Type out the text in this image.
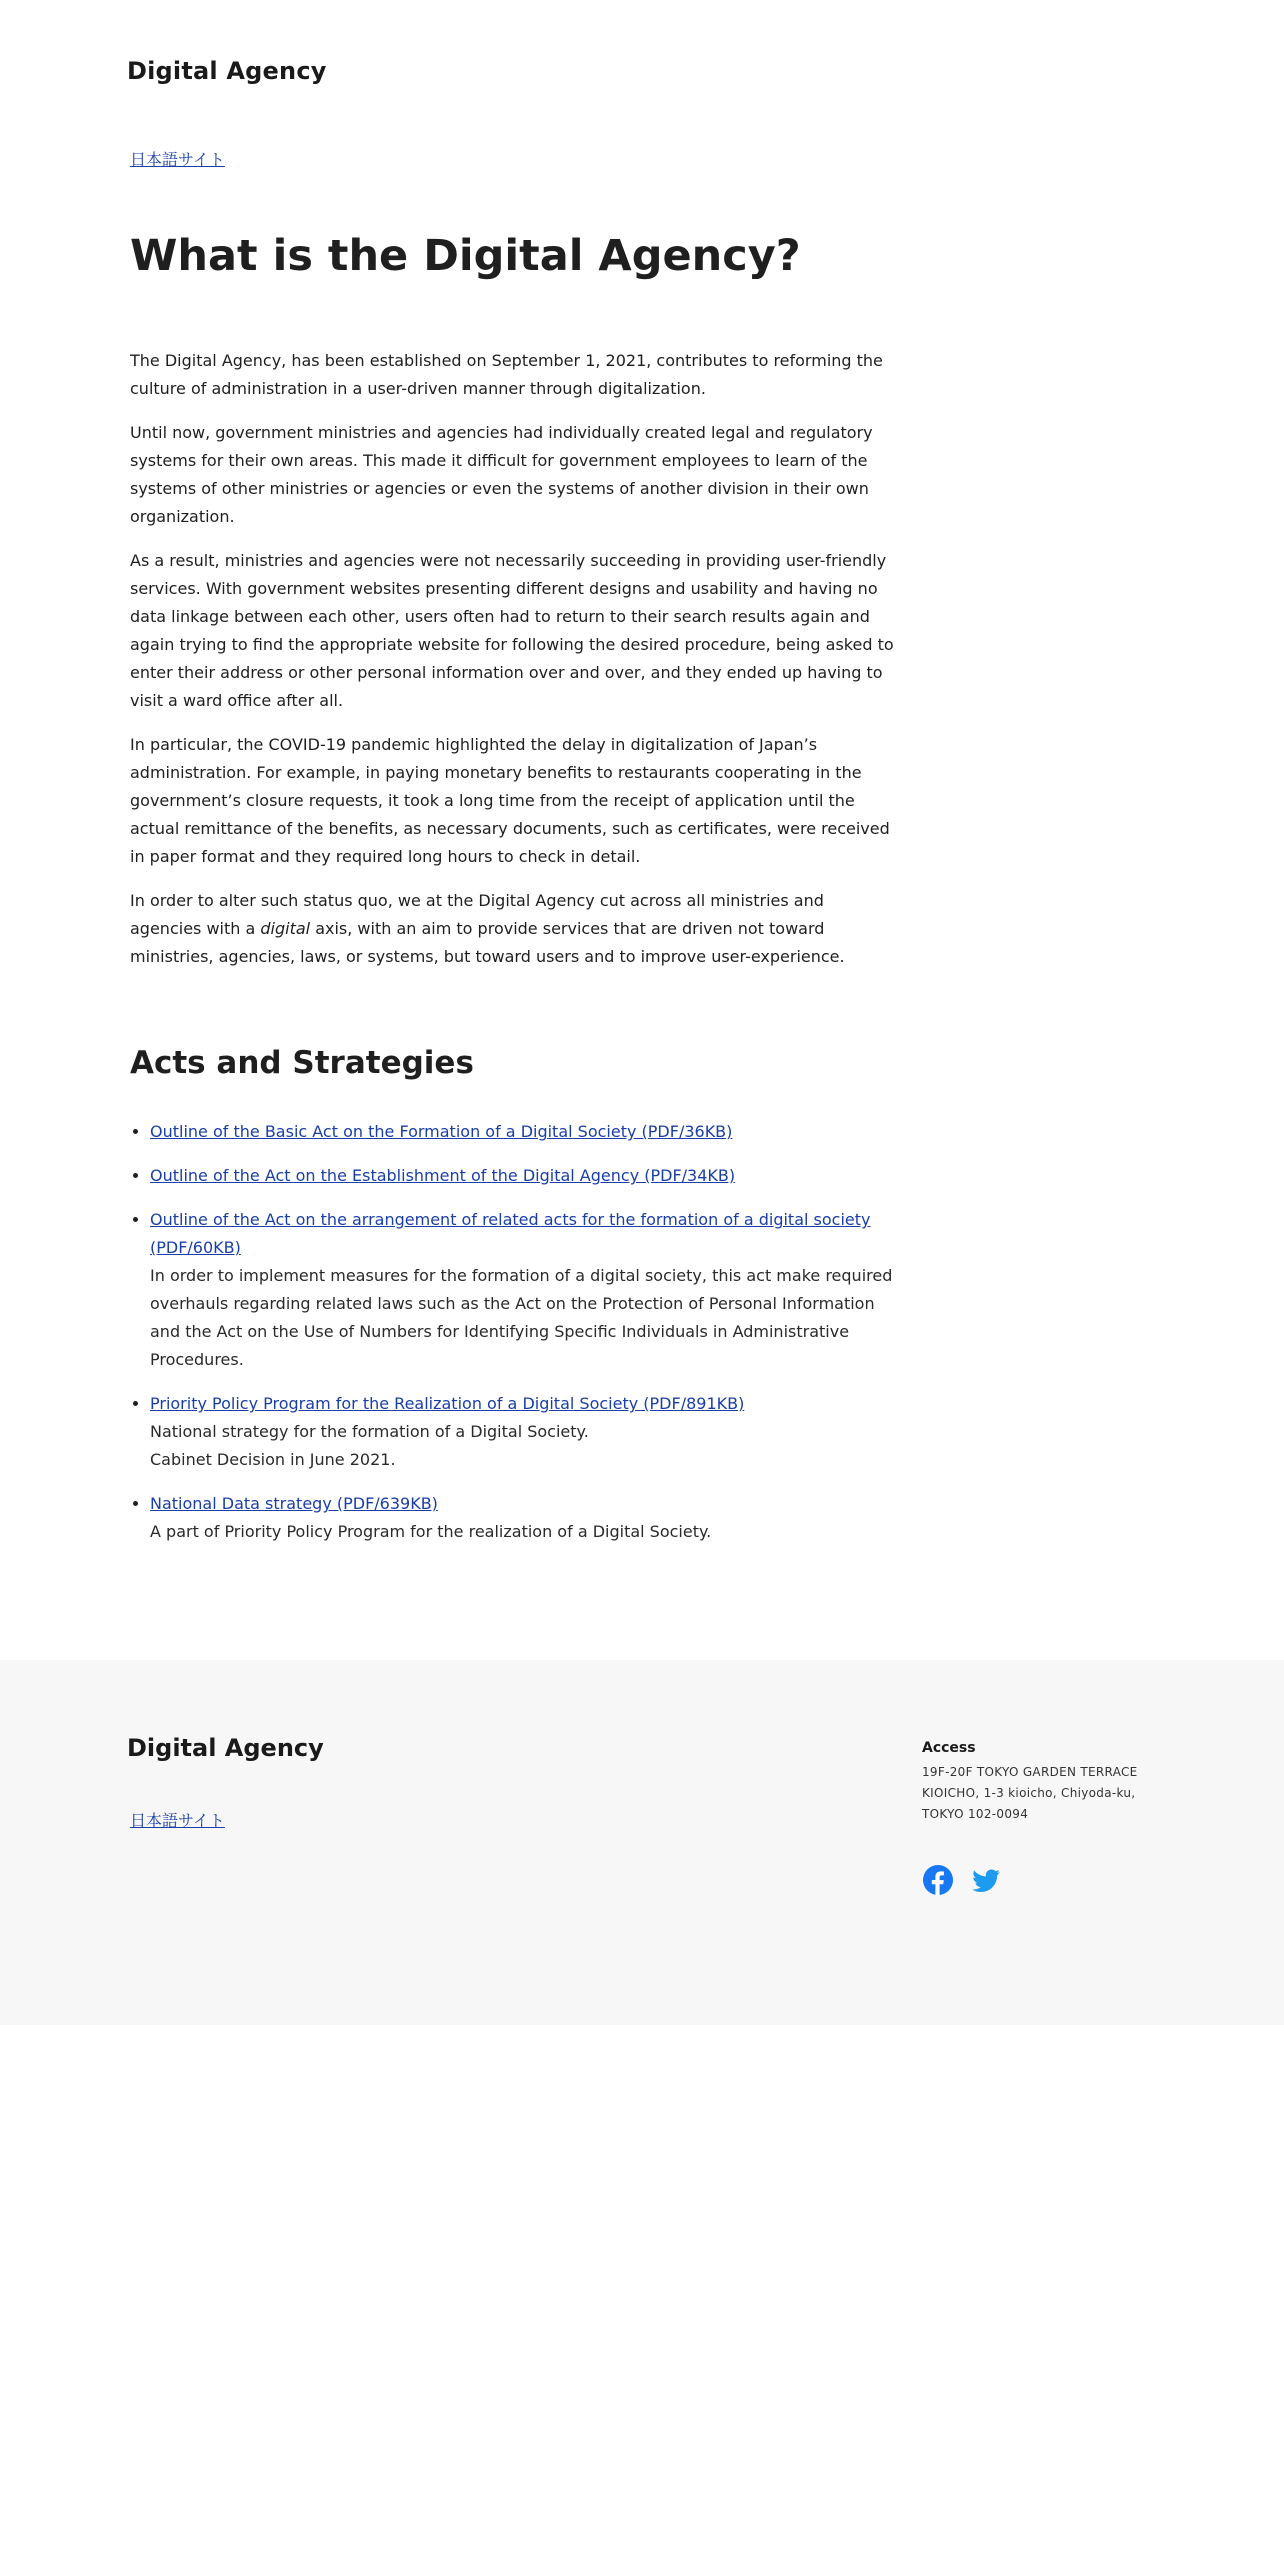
Digital Agency
日本語サイト
What is the Digital Agency?

The Digital Agency, has been established on September 1, 2021, contributes to reforming the culture of administration in a user-driven manner through digitalization.

Until now, government ministries and agencies had individually created legal and regulatory systems for their own areas. This made it difficult for government employees to learn of the systems of other ministries or agencies or even the systems of another division in their own organization.

As a result, ministries and agencies were not necessarily succeeding in providing user-friendly services. With government websites presenting different designs and usability and having no data linkage between each other, users often had to return to their search results again and again trying to find the appropriate website for following the desired procedure, being asked to enter their address or other personal information over and over, and they ended up having to visit a ward office after all.

In particular, the COVID-19 pandemic highlighted the delay in digitalization of Japan’s administration. For example, in paying monetary benefits to restaurants cooperating in the government’s closure requests, it took a long time from the receipt of application until the actual remittance of the benefits, as necessary documents, such as certificates, were received in paper format and they required long hours to check in detail.

In order to alter such status quo, we at the Digital Agency cut across all ministries and agencies with a digital axis, with an aim to provide services that are driven not toward ministries, agencies, laws, or systems, but toward users and to improve user-experience.

Acts and Strategies
• Outline of the Basic Act on the Formation of a Digital Society (PDF/36KB)
• Outline of the Act on the Establishment of the Digital Agency (PDF/34KB)
• Outline of the Act on the arrangement of related acts for the formation of a digital society (PDF/60KB)
In order to implement measures for the formation of a digital society, this act make required overhauls regarding related laws such as the Act on the Protection of Personal Information and the Act on the Use of Numbers for Identifying Specific Individuals in Administrative Procedures.
• Priority Policy Program for the Realization of a Digital Society (PDF/891KB)
National strategy for the formation of a Digital Society.
Cabinet Decision in June 2021.
• National Data strategy (PDF/639KB)
A part of Priority Policy Program for the realization of a Digital Society.
Digital Agency
日本語サイト
Access
19F-20F TOKYO GARDEN TERRACE
KIOICHO, 1-3 kioicho, Chiyoda-ku,
TOKYO 102-0094
